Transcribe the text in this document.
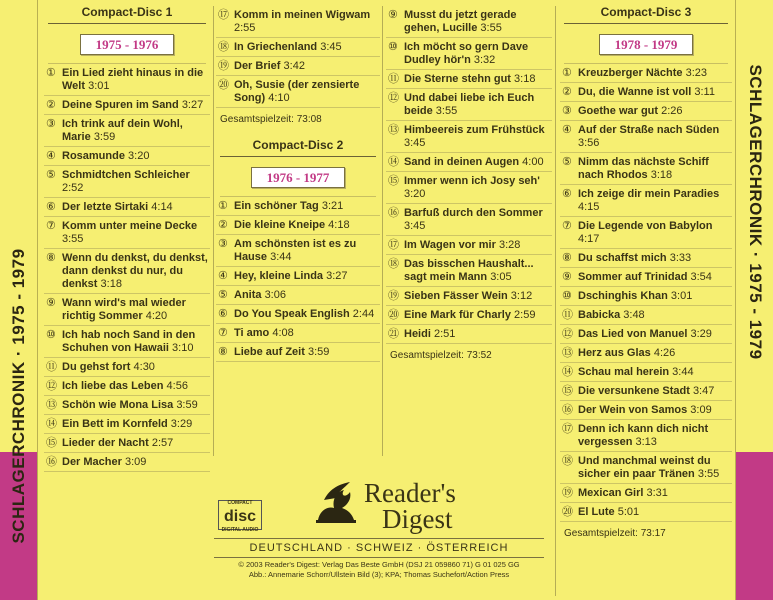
SCHLAGERCHRONIK · 1975 - 1979
SCHLAGERCHRONIK · 1975 - 1979
Compact-Disc 1
1975 - 1976
① Ein Lied zieht hinaus in die Welt 3:01
② Deine Spuren im Sand 3:27
③ Ich trink auf dein Wohl, Marie 3:59
④ Rosamunde 3:20
⑤ Schmidtchen Schleicher 2:52
⑥ Der letzte Sirtaki 4:14
⑦ Komm unter meine Decke 3:55
⑧ Wenn du denkst, du denkst, dann denkst du nur, du denkst 3:18
⑨ Wann wird's mal wieder richtig Sommer 4:20
⑩ Ich hab noch Sand in den Schuhen von Hawaii 3:10
⑪ Du gehst fort 4:30
⑫ Ich liebe das Leben 4:56
⑬ Schön wie Mona Lisa 3:59
⑭ Ein Bett im Kornfeld 3:29
⑮ Lieder der Nacht 2:57
⑯ Der Macher 3:09
⑰ Komm in meinen Wigwam 2:55
⑱ In Griechenland 3:45
⑲ Der Brief 3:42
⑳ Oh, Susie (der zensierte Song) 4:10
Gesamtspielzeit: 73:08
Compact-Disc 2
1976 - 1977
① Ein schöner Tag 3:21
② Die kleine Kneipe 4:18
③ Am schönsten ist es zu Hause 3:44
④ Hey, kleine Linda 3:27
⑤ Anita 3:06
⑥ Do You Speak English 2:44
⑦ Ti amo 4:08
⑧ Liebe auf Zeit 3:59
⑨ Musst du jetzt gerade gehen, Lucille 3:55
⑩ Ich möcht so gern Dave Dudley hör'n 3:32
⑪ Die Sterne stehn gut 3:18
⑫ Und dabei liebe ich Euch beide 3:55
⑬ Himbeereis zum Frühstück 3:45
⑭ Sand in deinen Augen 4:00
⑮ Immer wenn ich Josy seh' 3:20
⑯ Barfuß durch den Sommer 3:45
⑰ Im Wagen vor mir 3:28
⑱ Das bisschen Haushalt... sagt mein Mann 3:05
⑲ Sieben Fässer Wein 3:12
⑳ Eine Mark für Charly 2:59
㉑ Heidi 2:51
Gesamtspielzeit: 73:52
Compact-Disc 3
1978 - 1979
① Kreuzberger Nächte 3:23
② Du, die Wanne ist voll 3:11
③ Goethe war gut 2:26
④ Auf der Straße nach Süden 3:56
⑤ Nimm das nächste Schiff nach Rhodos 3:18
⑥ Ich zeige dir mein Paradies 4:15
⑦ Die Legende von Babylon 4:17
⑧ Du schaffst mich 3:33
⑨ Sommer auf Trinidad 3:54
⑩ Dschinghis Khan 3:01
⑪ Babicka 3:48
⑫ Das Lied von Manuel 3:29
⑬ Herz aus Glas 4:26
⑭ Schau mal herein 3:44
⑮ Die versunkene Stadt 3:47
⑯ Der Wein von Samos 3:09
⑰ Denn ich kann dich nicht vergessen 3:13
⑱ Und manchmal weinst du sicher ein paar Tränen 3:55
⑲ Mexican Girl 3:31
⑳ El Lute 5:01
Gesamtspielzeit: 73:17
COMPACT
disc
DIGITAL AUDIO
Reader's
Digest
DEUTSCHLAND · SCHWEIZ · ÖSTERREICH
© 2003 Reader's Digest: Verlag Das Beste GmbH (DSJ 21 059860 71) G 01 025 GG
Abb.: Annemarie Schorr/Ullstein Bild (3); KPA; Thomas Suchefort/Action Press
